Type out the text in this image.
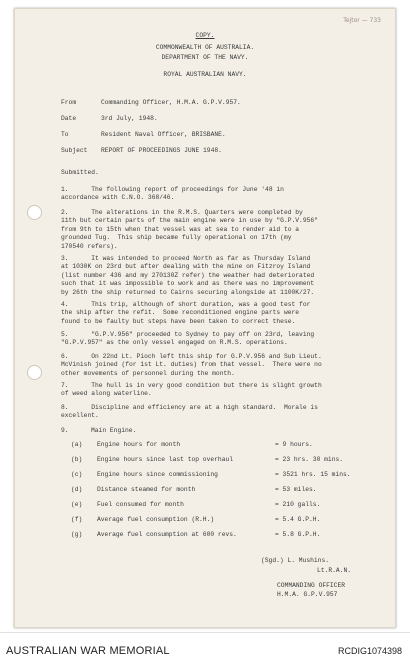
Tejtor — 733
COPY.
COMMONWEALTH OF AUSTRALIA.
DEPARTMENT OF THE NAVY.
ROYAL AUSTRALIAN NAVY.
From	Commanding Officer, H.M.A. G.P.V.957.
Date	3rd July, 1948.
To	Resident Naval Officer, BRISBANE.
Subject REPORT OF PROCEEDINGS JUNE 1948.
Submitted.
1.      The following report of proceedings for June '48 in
accordance with C.N.O. 368/46.
2.      The alterations in the R.M.S. Quarters were completed by
11th but certain parts of the main engine were in use by "G.P.V.956"
from 9th to 15th when that vessel was at sea to render aid to a
grounded Tug.  This ship became fully operational on 17th (my
170540 refers).
3.      It was intended to proceed North as far as Thursday Island
at 1030K on 23rd but after dealing with the mine on Fitzroy Island
(list number 436 and my 270130Z refer) the weather had deteriorated
such that it was impossible to work and as there was no improvement
by 26th the ship returned to Cairns securing alongside at 1100K/27.
4.      This trip, although of short duration, was a good test for
the ship after the refit.  Some reconditioned engine parts were
found to be faulty but steps have been taken to correct these.
5.      "G.P.V.956" proceeded to Sydney to pay off on 23rd, leaving
"G.P.V.957" as the only vessel engaged on R.M.S. operations.
6.      On 22nd Lt. Pioch left this ship for G.P.V.956 and Sub Lieut.
McVinish joined (for 1st Lt. duties) from that vessel.  There were no
other movements of personnel during the month.
7.      The hull is in very good condition but there is slight growth
of weed along waterline.
8.      Discipline and efficiency are at a high standard.  Morale is
excellent.
9.	Main Engine.
(a) Engine hours for month	= 9 hours.
(b) Engine hours since last top overhaul	= 23 hrs. 30 mins.
(c) Engine hours since commissioning	= 3521 hrs. 15 mins.
(d) Distance steamed for month	= 53 miles.
(e) Fuel consumed for month	= 210 galls.
(f) Average fuel consumption (R.H.)	= 5.4 G.P.H.
(g) Average fuel consumption at 600 revs.	= 5.8 G.P.H.
(Sgd.) L. Mushins.
Lt.R.A.N.
COMMANDING OFFICER
H.M.A. G.P.V.957
AUSTRALIAN WAR MEMORIAL	RCDIG1074398
